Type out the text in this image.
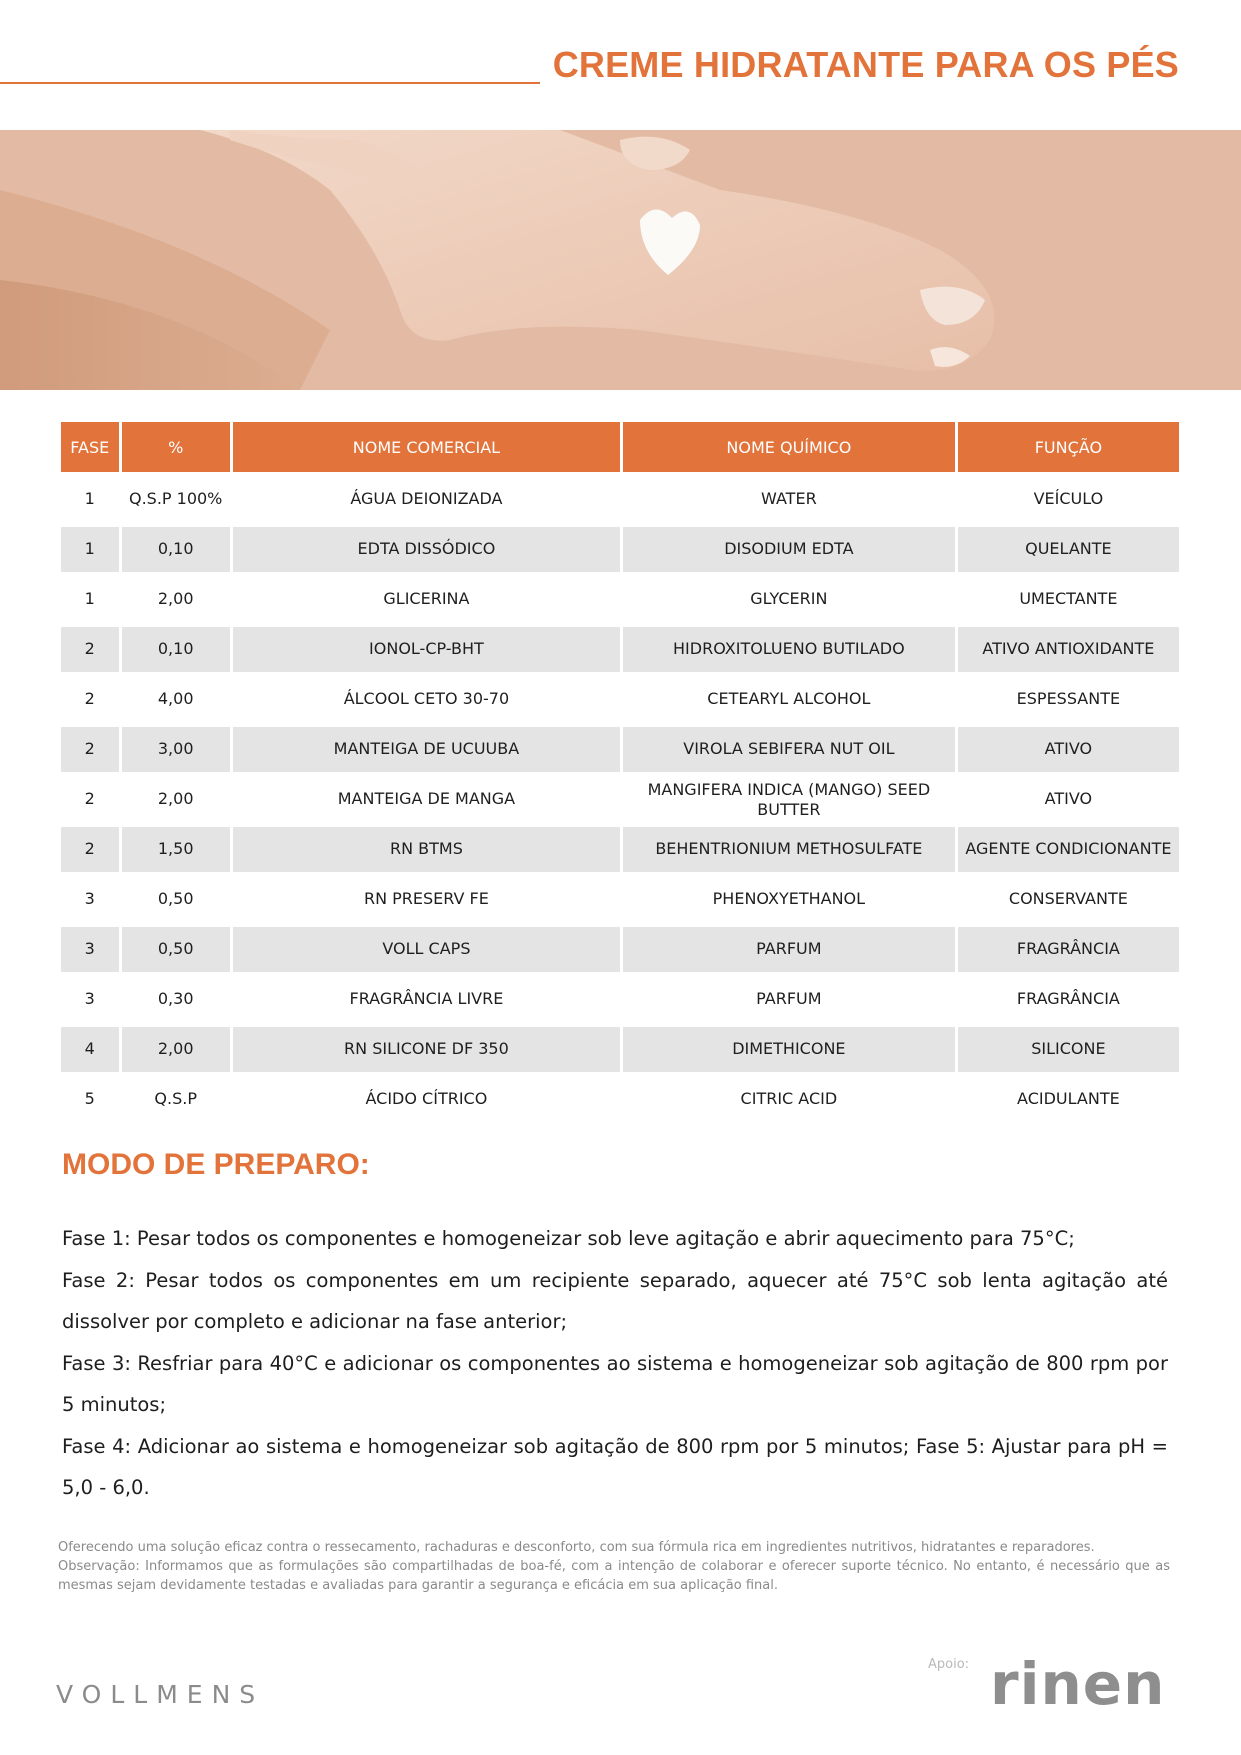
CREME HIDRATANTE PARA OS PÉS
FASE	%	NOME COMERCIAL	NOME QUÍMICO	FUNÇÃO
1	Q.S.P 100%	ÁGUA DEIONIZADA	WATER	VEÍCULO
1	0,10	EDTA DISSÓDICO	DISODIUM EDTA	QUELANTE
1	2,00	GLICERINA	GLYCERIN	UMECTANTE
2	0,10	IONOL-CP-BHT	HIDROXITOLUENO BUTILADO	ATIVO ANTIOXIDANTE
2	4,00	ÁLCOOL CETO 30-70	CETEARYL ALCOHOL	ESPESSANTE
2	3,00	MANTEIGA DE UCUUBA	VIROLA SEBIFERA NUT OIL	ATIVO
2	2,00	MANTEIGA DE MANGA	MANGIFERA INDICA (MANGO) SEED BUTTER	ATIVO
2	1,50	RN BTMS	BEHENTRIONIUM METHOSULFATE	AGENTE CONDICIONANTE
3	0,50	RN PRESERV FE	PHENOXYETHANOL	CONSERVANTE
3	0,50	VOLL CAPS	PARFUM	FRAGRÂNCIA
3	0,30	FRAGRÂNCIA LIVRE	PARFUM	FRAGRÂNCIA
4	2,00	RN SILICONE DF 350	DIMETHICONE	SILICONE
5	Q.S.P	ÁCIDO CÍTRICO	CITRIC ACID	ACIDULANTE
MODO DE PREPARO:

Fase 1: Pesar todos os componentes e homogeneizar sob leve agitação e abrir aquecimento para 75°C;

Fase 2: Pesar todos os componentes em um recipiente separado, aquecer até 75°C sob lenta agitação até dissolver por completo e adicionar na fase anterior;

Fase 3: Resfriar para 40°C e adicionar os componentes ao sistema e homogeneizar sob agitação de 800 rpm por 5 minutos;

Fase 4: Adicionar ao sistema e homogeneizar sob agitação de 800 rpm por 5 minutos; Fase 5: Ajustar para pH = 5,0 - 6,0.

Oferecendo uma solução eficaz contra o ressecamento, rachaduras e desconforto, com sua fórmula rica em ingredientes nutritivos, hidratantes e reparadores.

Observação: Informamos que as formulações são compartilhadas de boa-fé, com a intenção de colaborar e oferecer suporte técnico. No entanto, é necessário que as mesmas sejam devidamente testadas e avaliadas para garantir a segurança e eficácia em sua aplicação final.

VOLLMENS
Apoio: rinen
